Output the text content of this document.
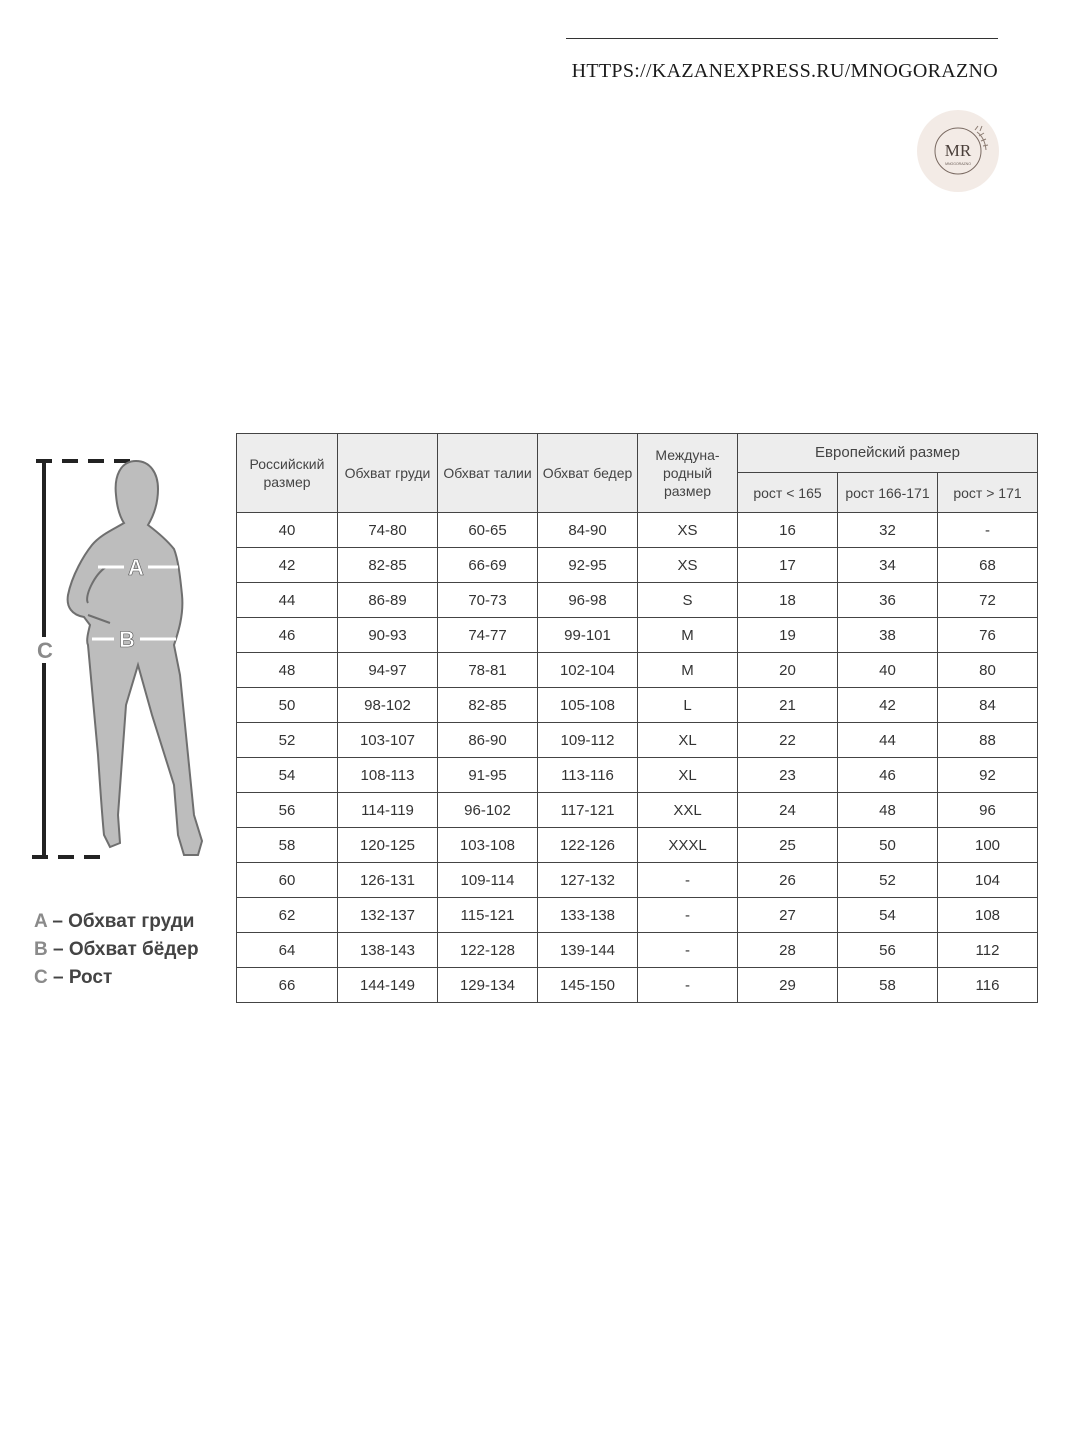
HTTPS://KAZANEXPRESS.RU/MNOGORAZNO
MR
MNOGORAZNO
A
B
C
A – Обхват груди
B – Обхват бёдер
C – Рост
Российский размер	Обхват груди	Обхват талии	Обхват бедер	Междуна-родный размер	Европейский размер		
					рост < 165	рост 166-171	рост > 171
40	74-80	60-65	84-90	XS	16	32	-
42	82-85	66-69	92-95	XS	17	34	68
44	86-89	70-73	96-98	S	18	36	72
46	90-93	74-77	99-101	M	19	38	76
48	94-97	78-81	102-104	M	20	40	80
50	98-102	82-85	105-108	L	21	42	84
52	103-107	86-90	109-112	XL	22	44	88
54	108-113	91-95	113-116	XL	23	46	92
56	114-119	96-102	117-121	XXL	24	48	96
58	120-125	103-108	122-126	XXXL	25	50	100
60	126-131	109-114	127-132	-	26	52	104
62	132-137	115-121	133-138	-	27	54	108
64	138-143	122-128	139-144	-	28	56	112
66	144-149	129-134	145-150	-	29	58	116
